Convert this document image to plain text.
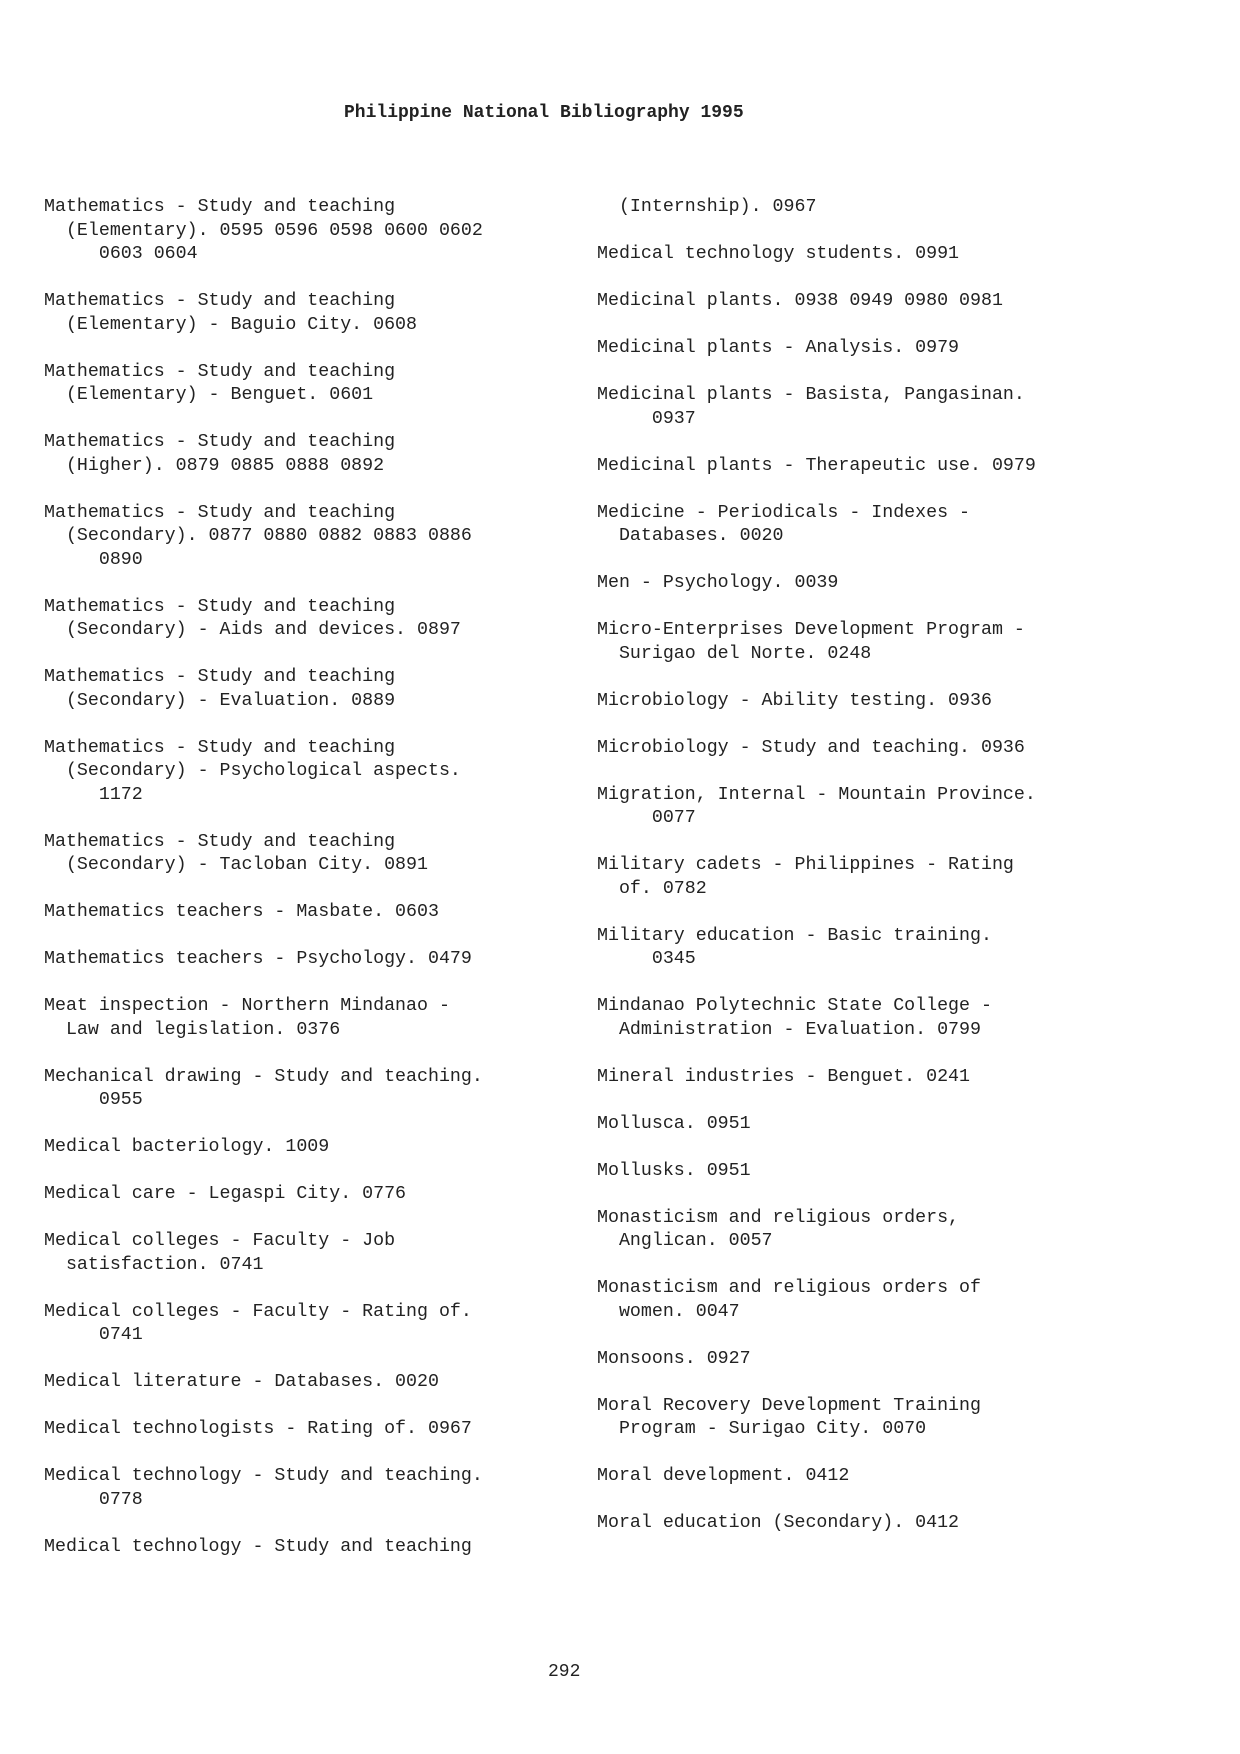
Philippine National Bibliography 1995
Mathematics - Study and teaching
(Elementary). 0595 0596 0598 0600 0602
0603 0604
Mathematics - Study and teaching
(Elementary) - Baguio City. 0608
Mathematics - Study and teaching
(Elementary) - Benguet. 0601
Mathematics - Study and teaching
(Higher). 0879 0885 0888 0892
Mathematics - Study and teaching
(Secondary). 0877 0880 0882 0883 0886
0890
Mathematics - Study and teaching
(Secondary) - Aids and devices. 0897
Mathematics - Study and teaching
(Secondary) - Evaluation. 0889
Mathematics - Study and teaching
(Secondary) - Psychological aspects.
1172
Mathematics - Study and teaching
(Secondary) - Tacloban City. 0891
Mathematics teachers - Masbate. 0603
Mathematics teachers - Psychology. 0479
Meat inspection - Northern Mindanao -
Law and legislation. 0376
Mechanical drawing - Study and teaching.
0955
Medical bacteriology. 1009
Medical care - Legaspi City. 0776
Medical colleges - Faculty - Job
satisfaction. 0741
Medical colleges - Faculty - Rating of.
0741
Medical literature - Databases. 0020
Medical technologists - Rating of. 0967
Medical technology - Study and teaching.
0778
Medical technology - Study and teaching
(Internship). 0967
Medical technology students. 0991
Medicinal plants. 0938 0949 0980 0981
Medicinal plants - Analysis. 0979
Medicinal plants - Basista, Pangasinan.
0937
Medicinal plants - Therapeutic use. 0979
Medicine - Periodicals - Indexes -
Databases. 0020
Men - Psychology. 0039
Micro-Enterprises Development Program -
Surigao del Norte. 0248
Microbiology - Ability testing. 0936
Microbiology - Study and teaching. 0936
Migration, Internal - Mountain Province.
0077
Military cadets - Philippines - Rating
of. 0782
Military education - Basic training.
0345
Mindanao Polytechnic State College -
Administration - Evaluation. 0799
Mineral industries - Benguet. 0241
Mollusca. 0951
Mollusks. 0951
Monasticism and religious orders,
Anglican. 0057
Monasticism and religious orders of
women. 0047
Monsoons. 0927
Moral Recovery Development Training
Program - Surigao City. 0070
Moral development. 0412
Moral education (Secondary). 0412
292
